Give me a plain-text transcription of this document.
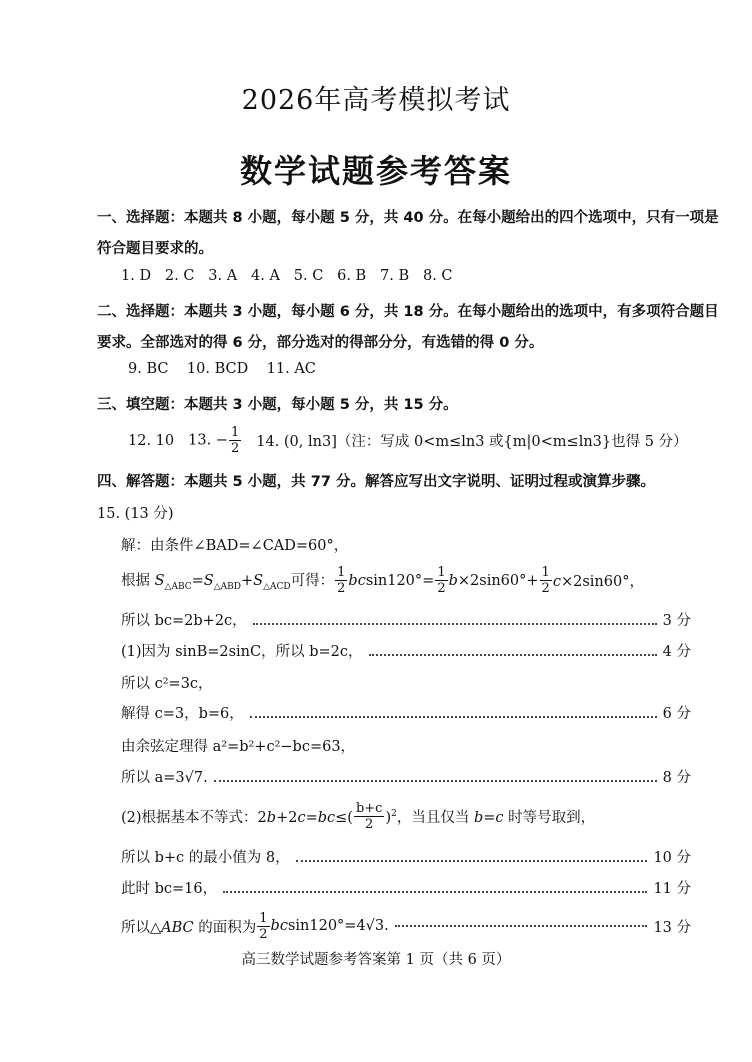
2026年高考模拟考试
数学试题参考答案
一、选择题：本题共 8 小题，每小题 5 分，共 40 分。在每小题给出的四个选项中，只有一项是
符合题目要求的。
1. D   2. C   3. A   4. A   5. C   6. B   7. B   8. C
二、选择题：本题共 3 小题，每小题 6 分，共 18 分。在每小题给出的选项中，有多项符合题目
要求。全部选对的得 6 分，部分选对的得部分分，有选错的得 0 分。
9. BC    10. BCD    11. AC
三、填空题：本题共 3 小题，每小题 5 分，共 15 分。
12. 10 13. − $\frac{1}{2} 14$. (0, ln3]（注：写成 0<m≤ln3 或{m|0<m≤ln3}也得 5 分）
四、解答题：本题共 5 小题，共 77 分。解答应写出文字说明、证明过程或演算步骤。
15. (13 分)
解：由条件∠BAD=∠CAD=60°，
根据 $S_{\triangle ABC}=S_{\triangle ABD}+S_{\triangle ACD}$可得： $\frac{1}{2} bcsin120^\circ= \frac{1}{2} b\times 2\sin 60^\circ+ \frac{1}{2} c\times 2\sin 60^\circ$，
所以 bc=2b+2c，	3 分
(1)因为 sinB=2sinC，所以 b=2c，	4 分
所以 c²=3c，
解得 c=3，b=6，	6 分
由余弦定理得 a²=b²+c²−bc=63，
所以 a=3√7.	8 分
(2)根据基本不等式：$2b+2c=bc\le( \frac{b+c}{2} )^2$，当且仅当 b=c 时等号取到，
所以 b+c 的最小值为 8，	10 分
此时 bc=16，	11 分
所以△ABC 的面积为 $\frac{1}{2} bcsin120^\circ=4√3$.	13 分
高三数学试题参考答案第 1 页（共 6 页）
